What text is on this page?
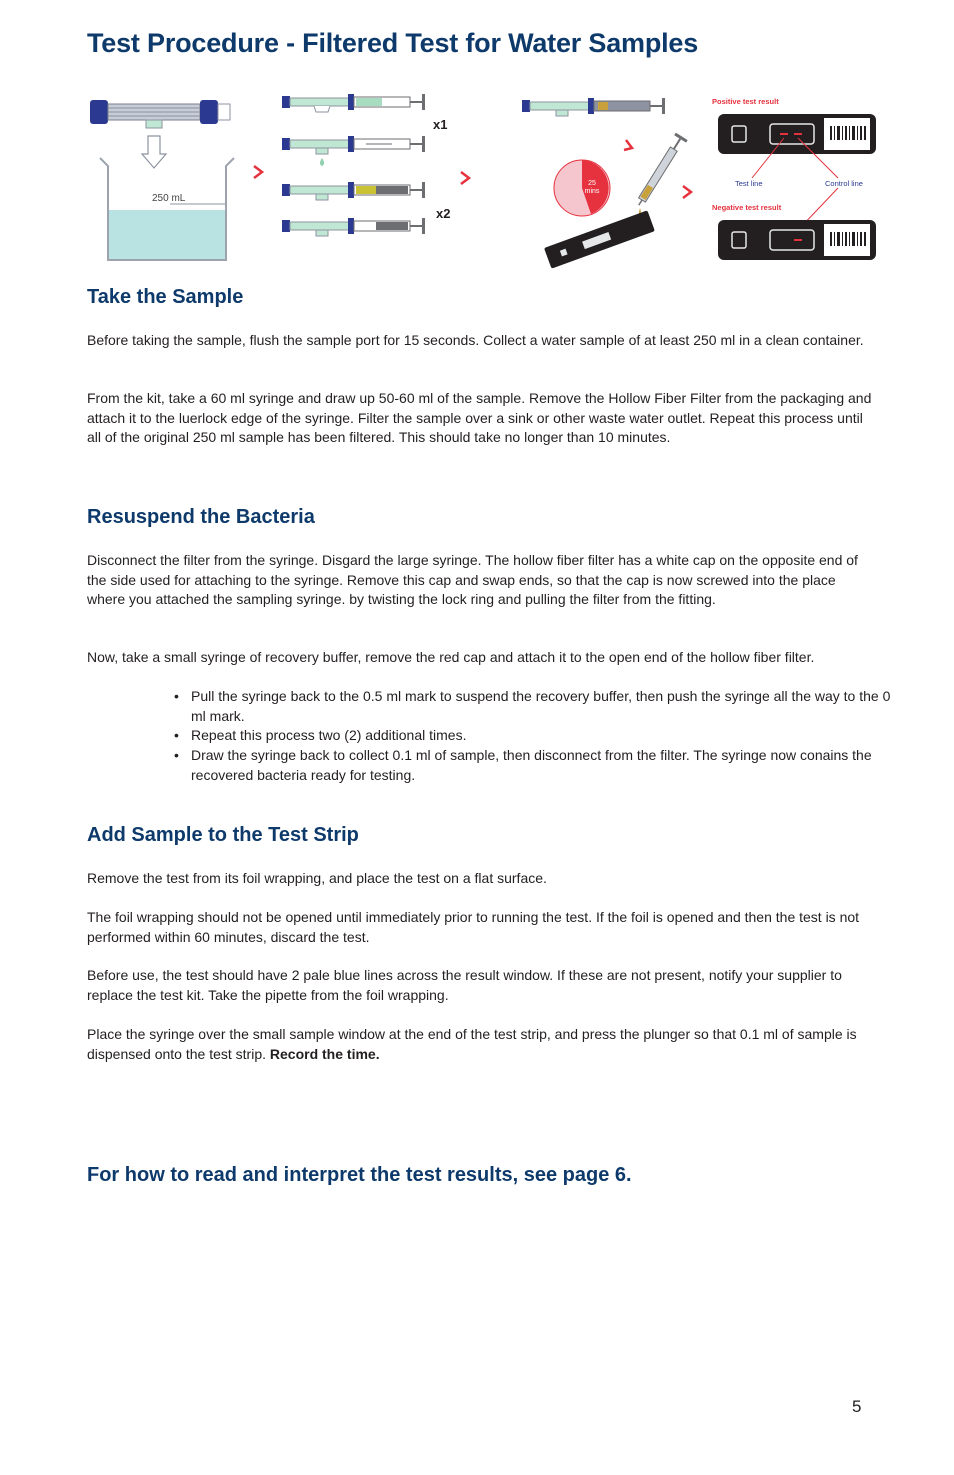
Test Procedure - Filtered Test for Water Samples
250 mL
x1
x2
25
mins
Positive test result
Test line	Control line
Negative test result
Take the Sample

Before taking the sample, flush the sample port for 15 seconds. Collect a water sample of at least 250 ml in a clean container.

From the kit, take a 60 ml syringe and draw up 50-60 ml of the sample. Remove the Hollow Fiber Filter from the packaging and attach it to the luerlock edge of the syringe. Filter the sample over a sink or other waste water outlet. Repeat this process until all of the original 250 ml sample has been filtered. This should take no longer than 10 minutes.

Resuspend the Bacteria

Disconnect the filter from the syringe. Disgard the large syringe. The hollow fiber filter has a white cap on the opposite end of the side used for attaching to the syringe. Remove this cap and swap ends, so that the cap is now screwed into the place where you attached the sampling syringe. by twisting the lock ring and pulling the filter from the fitting.

Now, take a small syringe of recovery buffer, remove the red cap and attach it to the open end of the hollow fiber filter.

• Pull the syringe back to the 0.5 ml mark to suspend the recovery buffer, then push the syringe all the way to the 0 ml mark.

• Repeat this process two (2) additional times.

• Draw the syringe back to collect 0.1 ml of sample, then disconnect from the filter. The syringe now conains the recovered bacteria ready for testing.

Add Sample to the Test Strip

Remove the test from its foil wrapping, and place the test on a flat surface.

The foil wrapping should not be opened until immediately prior to running the test. If the foil is opened and then the test is not performed within 60 minutes, discard the test.

Before use, the test should have 2 pale blue lines across the result window. If these are not present, notify your supplier to replace the test kit. Take the pipette from the foil wrapping.

Place the syringe over the small sample window at the end of the test strip, and press the plunger so that 0.1 ml of sample is dispensed onto the test strip. Record the time.

For how to read and interpret the test results, see page 6.
5
